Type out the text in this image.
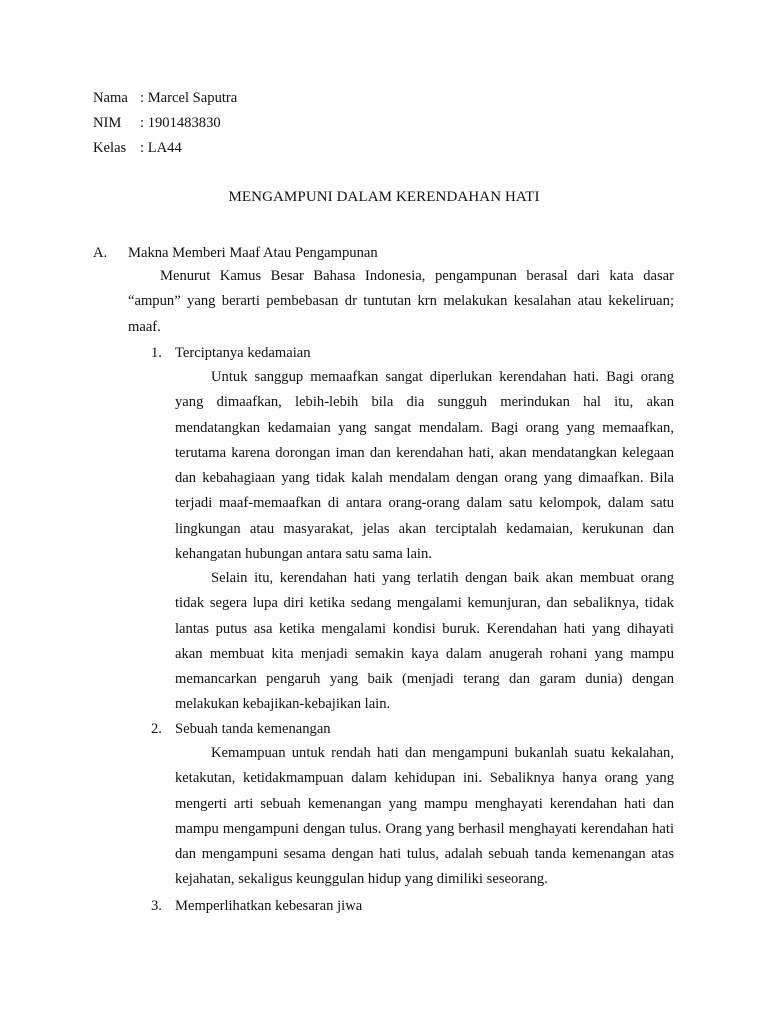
Nama : Marcel Saputra
NIM	: 1901483830
Kelas : LA44
MENGAMPUNI DALAM KERENDAHAN HATI
A.	Makna Memberi Maaf Atau Pengampunan

Menurut Kamus Besar Bahasa Indonesia, pengampunan berasal dari kata dasar “ampun” yang berarti pembebasan dr tuntutan krn melakukan kesalahan atau kekeliruan; maaf.

1. Terciptanya kedamaian

Untuk sanggup memaafkan sangat diperlukan kerendahan hati. Bagi orang yang dimaafkan, lebih-lebih bila dia sungguh merindukan hal itu, akan mendatangkan kedamaian yang sangat mendalam. Bagi orang yang memaafkan, terutama karena dorongan iman dan kerendahan hati, akan mendatangkan kelegaan dan kebahagiaan yang tidak kalah mendalam dengan orang yang dimaafkan. Bila terjadi maaf-memaafkan di antara orang-orang dalam satu kelompok, dalam satu lingkungan atau masyarakat, jelas akan terciptalah kedamaian, kerukunan dan kehangatan hubungan antara satu sama lain.

Selain itu, kerendahan hati yang terlatih dengan baik akan membuat orang tidak segera lupa diri ketika sedang mengalami kemunjuran, dan sebaliknya, tidak lantas putus asa ketika mengalami kondisi buruk. Kerendahan hati yang dihayati akan membuat kita menjadi semakin kaya dalam anugerah rohani yang mampu memancarkan pengaruh yang baik (menjadi terang dan garam dunia) dengan melakukan kebajikan-kebajikan lain.

2. Sebuah tanda kemenangan

Kemampuan untuk rendah hati dan mengampuni bukanlah suatu kekalahan, ketakutan, ketidakmampuan dalam kehidupan ini. Sebaliknya hanya orang yang mengerti arti sebuah kemenangan yang mampu menghayati kerendahan hati dan mampu mengampuni dengan tulus. Orang yang berhasil menghayati kerendahan hati dan mengampuni sesama dengan hati tulus, adalah sebuah tanda kemenangan atas kejahatan, sekaligus keunggulan hidup yang dimiliki seseorang.

3. Memperlihatkan kebesaran jiwa
